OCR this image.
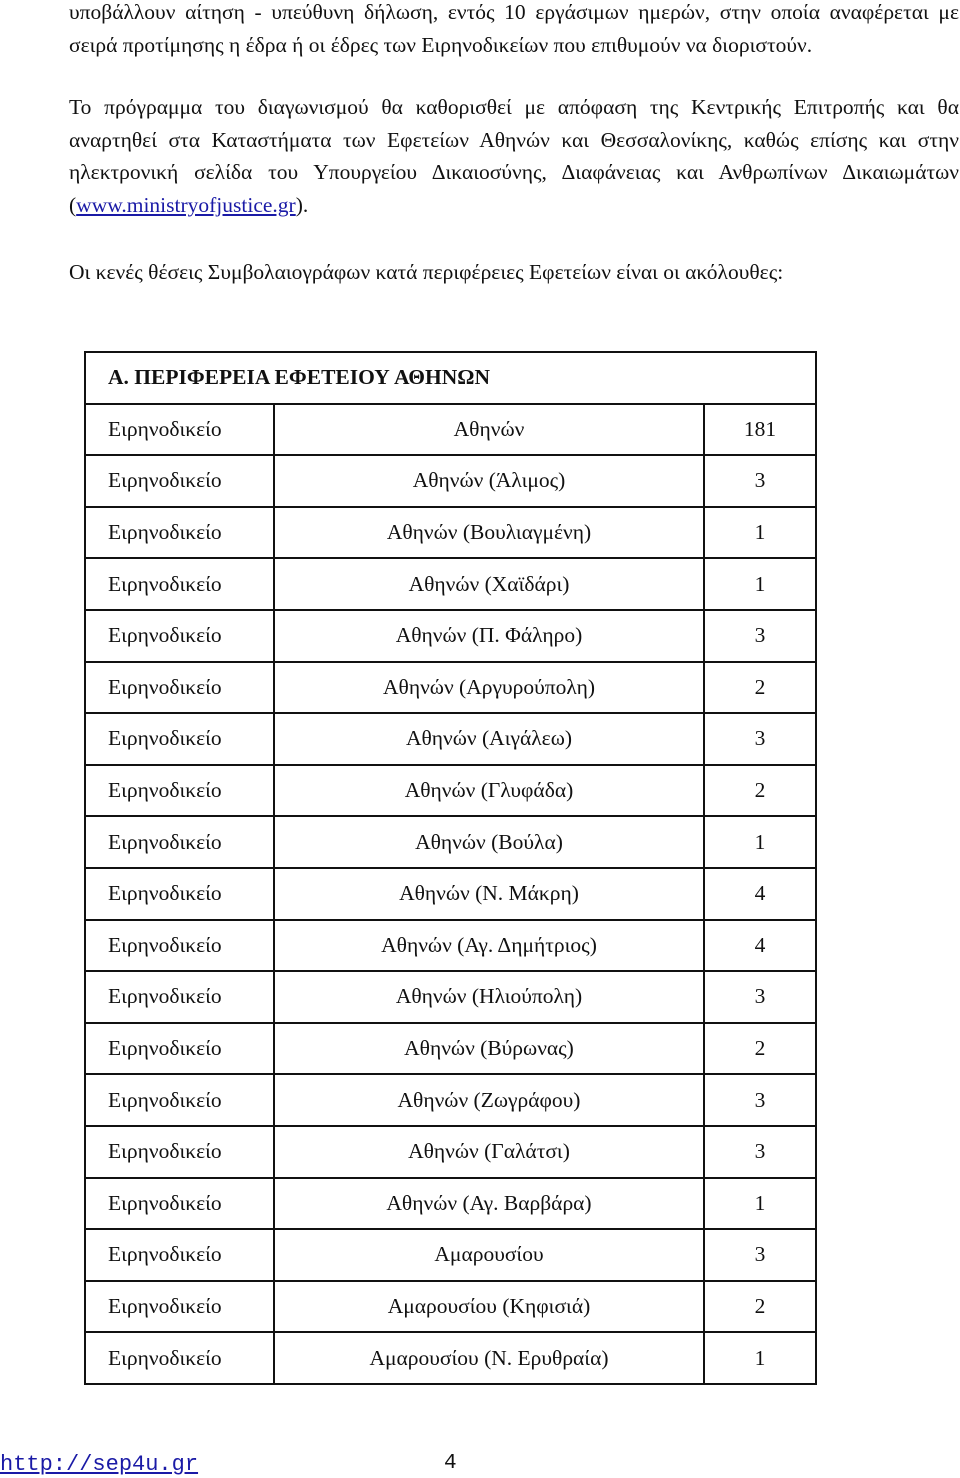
υποβάλλουν αίτηση - υπεύθυνη δήλωση, εντός 10 εργάσιμων ημερών, στην οποία αναφέρεται με σειρά προτίμησης η έδρα ή οι έδρες των Ειρηνοδικείων που επιθυμούν να διοριστούν.

Το πρόγραμμα του διαγωνισμού θα καθορισθεί με απόφαση της Κεντρικής Επιτροπής και θα αναρτηθεί στα Καταστήματα των Εφετείων Αθηνών και Θεσσαλονίκης, καθώς επίσης και στην ηλεκτρονική σελίδα του Υπουργείου Δικαιοσύνης, Διαφάνειας και Ανθρωπίνων Δικαιωμάτων (www.ministryofjustice.gr).

Οι κενές θέσεις Συμβολαιογράφων κατά περιφέρειες Εφετείων είναι οι ακόλουθες:

Α. ΠΕΡΙΦΕΡΕΙΑ ΕΦΕΤΕΙΟΥ ΑΘΗΝΩΝ		
Ειρηνοδικείο	Αθηνών	181
Ειρηνοδικείο	Αθηνών (Άλιμος)	3
Ειρηνοδικείο	Αθηνών (Βουλιαγμένη)	1
Ειρηνοδικείο	Αθηνών (Χαϊδάρι)	1
Ειρηνοδικείο	Αθηνών (Π. Φάληρο)	3
Ειρηνοδικείο	Αθηνών (Αργυρούπολη)	2
Ειρηνοδικείο	Αθηνών (Αιγάλεω)	3
Ειρηνοδικείο	Αθηνών (Γλυφάδα)	2
Ειρηνοδικείο	Αθηνών (Βούλα)	1
Ειρηνοδικείο	Αθηνών (Ν. Μάκρη)	4
Ειρηνοδικείο	Αθηνών (Αγ. Δημήτριος)	4
Ειρηνοδικείο	Αθηνών (Ηλιούπολη)	3
Ειρηνοδικείο	Αθηνών (Βύρωνας)	2
Ειρηνοδικείο	Αθηνών (Ζωγράφου)	3
Ειρηνοδικείο	Αθηνών (Γαλάτσι)	3
Ειρηνοδικείο	Αθηνών (Αγ. Βαρβάρα)	1
Ειρηνοδικείο	Αμαρουσίου	3
Ειρηνοδικείο	Αμαρουσίου (Κηφισιά)	2
Ειρηνοδικείο	Αμαρουσίου (Ν. Ερυθραία)	1
http://sep4u.gr	4
